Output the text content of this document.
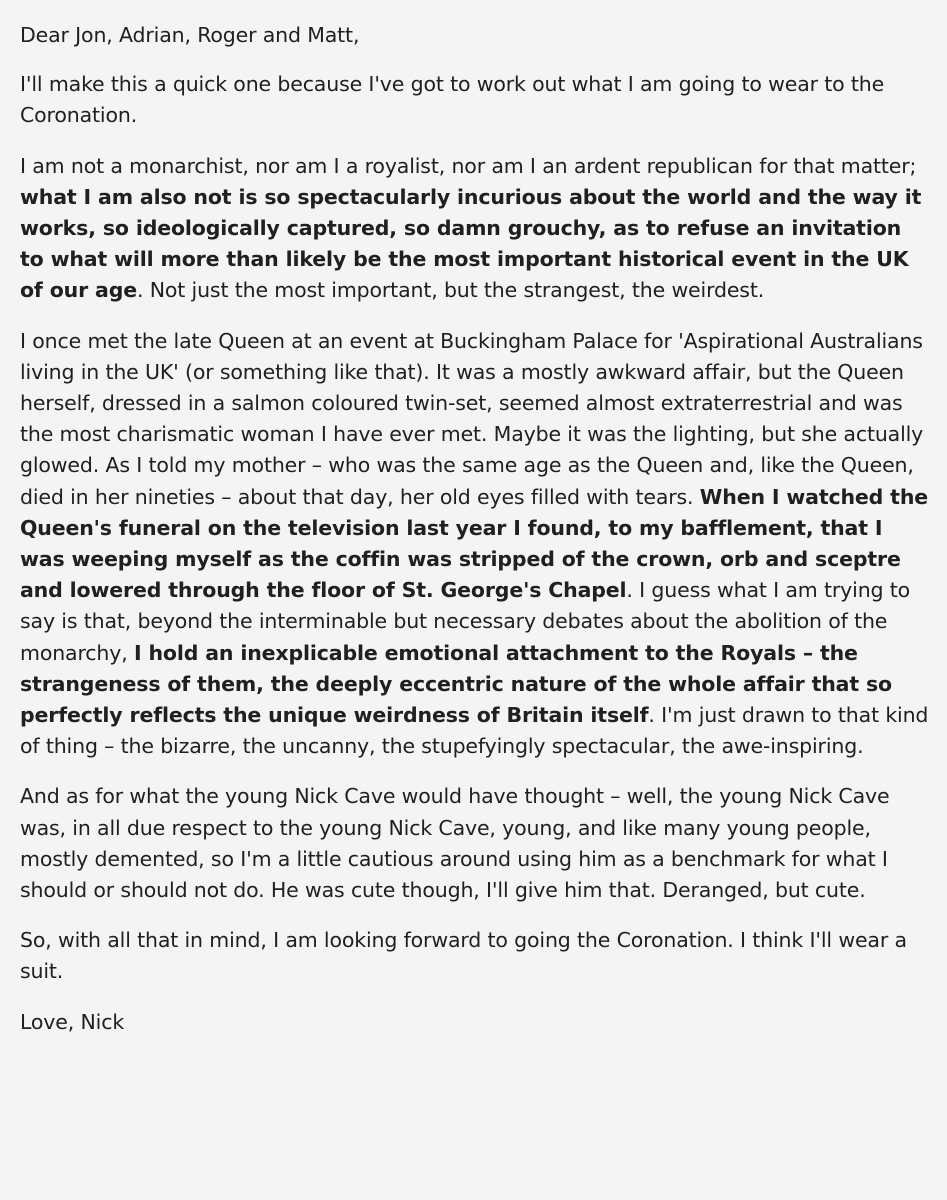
Dear Jon, Adrian, Roger and Matt,

I'll make this a quick one because I've got to work out what I am going to wear to the Coronation.

I am not a monarchist, nor am I a royalist, nor am I an ardent republican for that matter; what I am also not is so spectacularly incurious about the world and the way it works, so ideologically captured, so damn grouchy, as to refuse an invitation to what will more than likely be the most important historical event in the UK of our age. Not just the most important, but the strangest, the weirdest.

I once met the late Queen at an event at Buckingham Palace for 'Aspirational Australians living in the UK' (or something like that). It was a mostly awkward affair, but the Queen herself, dressed in a salmon coloured twin-set, seemed almost extraterrestrial and was the most charismatic woman I have ever met. Maybe it was the lighting, but she actually glowed. As I told my mother – who was the same age as the Queen and, like the Queen, died in her nineties – about that day, her old eyes filled with tears. When I watched the Queen's funeral on the television last year I found, to my bafflement, that I was weeping myself as the coffin was stripped of the crown, orb and sceptre and lowered through the floor of St. George's Chapel. I guess what I am trying to say is that, beyond the interminable but necessary debates about the abolition of the monarchy, I hold an inexplicable emotional attachment to the Royals – the strangeness of them, the deeply eccentric nature of the whole affair that so perfectly reflects the unique weirdness of Britain itself. I'm just drawn to that kind of thing – the bizarre, the uncanny, the stupefyingly spectacular, the awe-inspiring.

And as for what the young Nick Cave would have thought – well, the young Nick Cave was, in all due respect to the young Nick Cave, young, and like many young people, mostly demented, so I'm a little cautious around using him as a benchmark for what I should or should not do. He was cute though, I'll give him that. Deranged, but cute.

So, with all that in mind, I am looking forward to going the Coronation. I think I'll wear a suit.

Love, Nick
